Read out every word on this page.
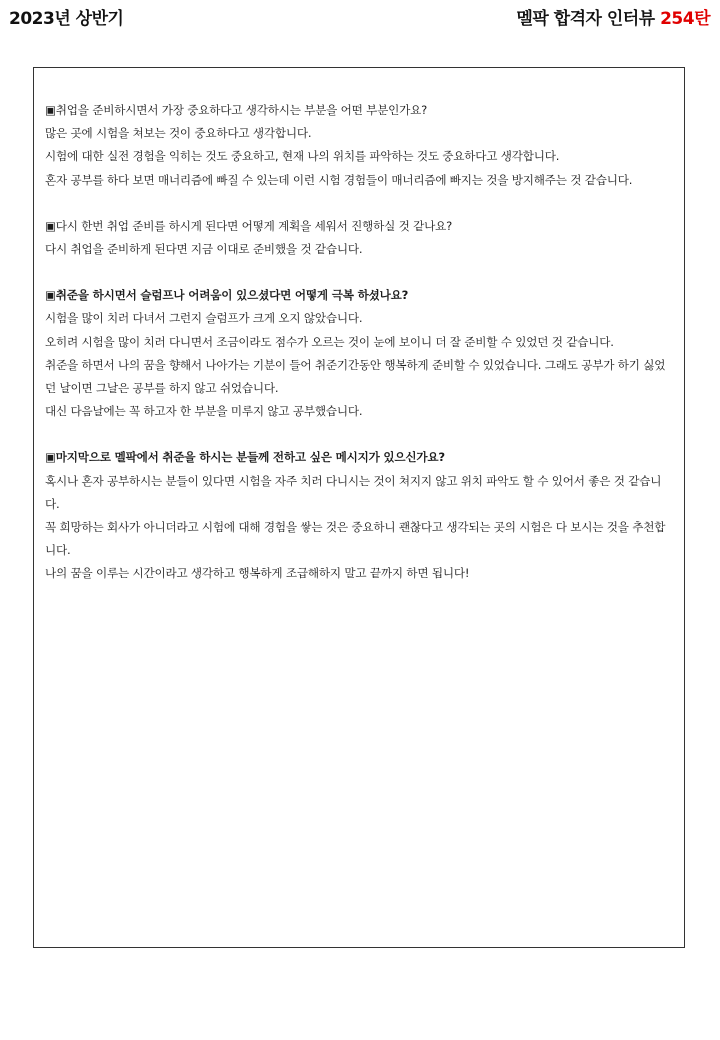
2023년 상반기	멜팍 합격자 인터뷰 254탄

▣취업을 준비하시면서 가장 중요하다고 생각하시는 부분을 어떤 부분인가요?

많은 곳에 시험을 쳐보는 것이 중요하다고 생각합니다.

시험에 대한 실전 경험을 익히는 것도 중요하고, 현재 나의 위치를 파악하는 것도 중요하다고 생각합니다.

혼자 공부를 하다 보면 매너리즘에 빠질 수 있는데 이런 시험 경험들이 매너리즘에 빠지는 것을 방지해주는 것 같습니다.

▣다시 한번 취업 준비를 하시게 된다면 어떻게 계획을 세워서 진행하실 것 같나요?

다시 취업을 준비하게 된다면 지금 이대로 준비했을 것 같습니다.

▣취준을 하시면서 슬럼프나 어려움이 있으셨다면 어떻게 극복 하셨나요?

시험을 많이 치러 다녀서 그런지 슬럼프가 크게 오지 않았습니다.

오히려 시험을 많이 치러 다니면서 조금이라도 점수가 오르는 것이 눈에 보이니 더 잘 준비할 수 있었던 것 같습니다.

취준을 하면서 나의 꿈을 향해서 나아가는 기분이 들어 취준기간동안 행복하게 준비할 수 있었습니다. 그래도 공부가 하기 싫었던 날이면 그날은 공부를 하지 않고 쉬었습니다.

대신 다음날에는 꼭 하고자 한 부분을 미루지 않고 공부했습니다.

▣마지막으로 멜팍에서 취준을 하시는 분들께 전하고 싶은 메시지가 있으신가요?

혹시나 혼자 공부하시는 분들이 있다면 시험을 자주 치러 다니시는 것이 쳐지지 않고 위치 파악도 할 수 있어서 좋은 것 같습니다.

꼭 희망하는 회사가 아니더라고 시험에 대해 경험을 쌓는 것은 중요하니 괜찮다고 생각되는 곳의 시험은 다 보시는 것을 추천합니다.

나의 꿈을 이루는 시간이라고 생각하고 행복하게 조급해하지 말고 끝까지 하면 됩니다!
